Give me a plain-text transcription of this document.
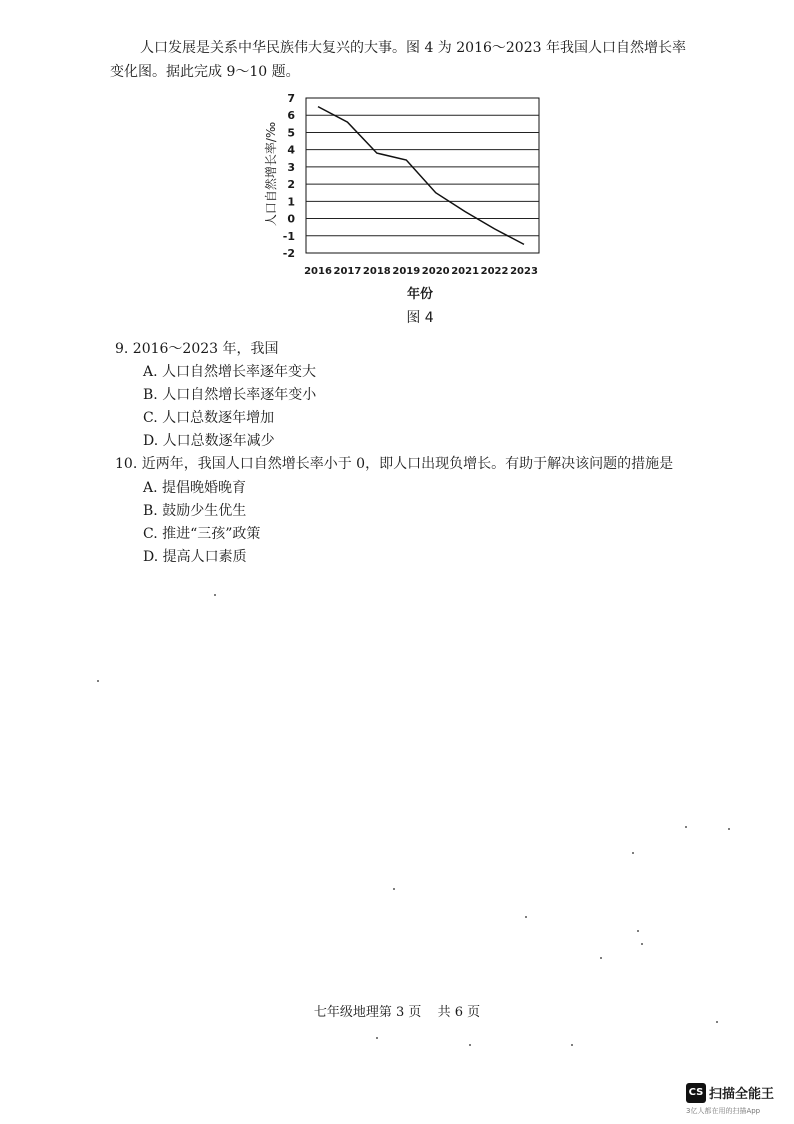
人口发展是关系中华民族伟大复兴的大事。图 4 为 2016～2023 年我国人口自然增长率
变化图。据此完成 9～10 题。
7
6
5
4
3
2
1
0
-1
-2
2016 2017 2018 2019 2020 2021 2022 2023
人口自然增长率/‰
年份
图 4
9. 2016～2023 年，我国
A. 人口自然增长率逐年变大
B. 人口自然增长率逐年变小
C. 人口总数逐年增加
D. 人口总数逐年减少
10. 近两年，我国人口自然增长率小于 0，即人口出现负增长。有助于解决该问题的措施是
A. 提倡晚婚晚育
B. 鼓励少生优生
C. 推进“三孩”政策
D. 提高人口素质
七年级地理第 3 页 共 6 页
CS 扫描全能王
3亿人都在用的扫描App
